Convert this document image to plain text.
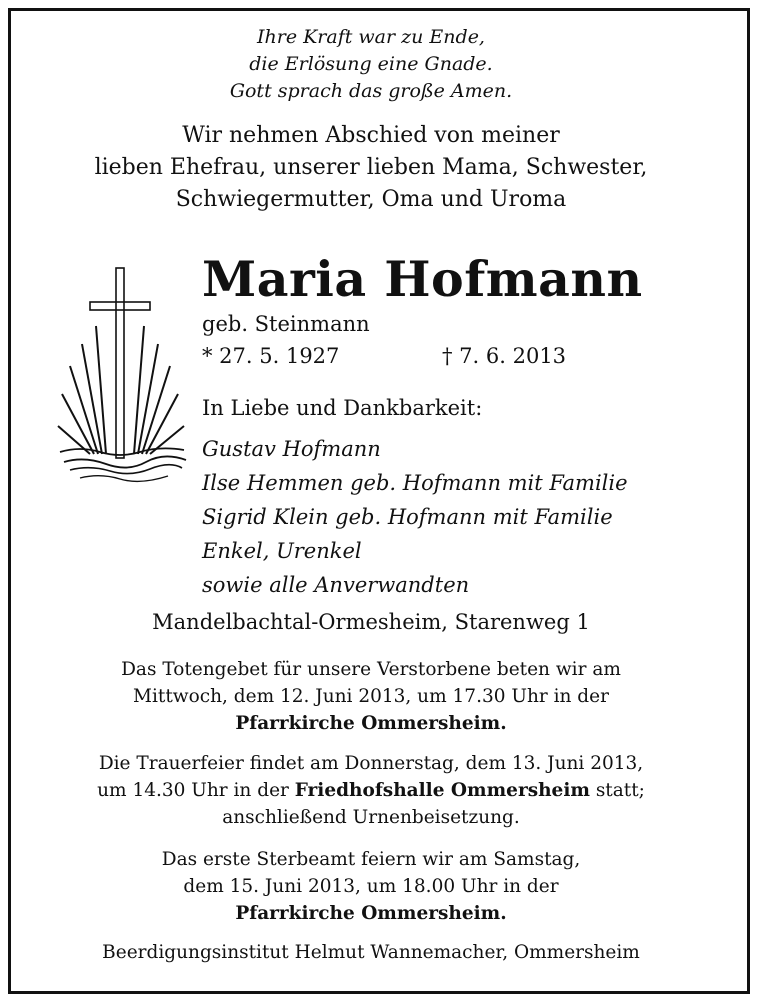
Ihre Kraft war zu Ende,
die Erlösung eine Gnade.
Gott sprach das große Amen.
Wir nehmen Abschied von meiner
lieben Ehefrau, unserer lieben Mama, Schwester,
Schwiegermutter, Oma und Uroma
Maria Hofmann
geb. Steinmann
* 27. 5. 1927	† 7. 6. 2013
In Liebe und Dankbarkeit:
Gustav Hofmann
Ilse Hemmen geb. Hofmann mit Familie
Sigrid Klein geb. Hofmann mit Familie
Enkel, Urenkel
sowie alle Anverwandten
Mandelbachtal-Ormesheim, Starenweg 1
Das Totengebet für unsere Verstorbene beten wir am
Mittwoch, dem 12. Juni 2013, um 17.30 Uhr in der
Pfarrkirche Ommersheim.
Die Trauerfeier findet am Donnerstag, dem 13. Juni 2013,
um 14.30 Uhr in der Friedhofshalle Ommersheim statt;
anschließend Urnenbeisetzung.
Das erste Sterbeamt feiern wir am Samstag,
dem 15. Juni 2013, um 18.00 Uhr in der
Pfarrkirche Ommersheim.
Beerdigungsinstitut Helmut Wannemacher, Ommersheim
